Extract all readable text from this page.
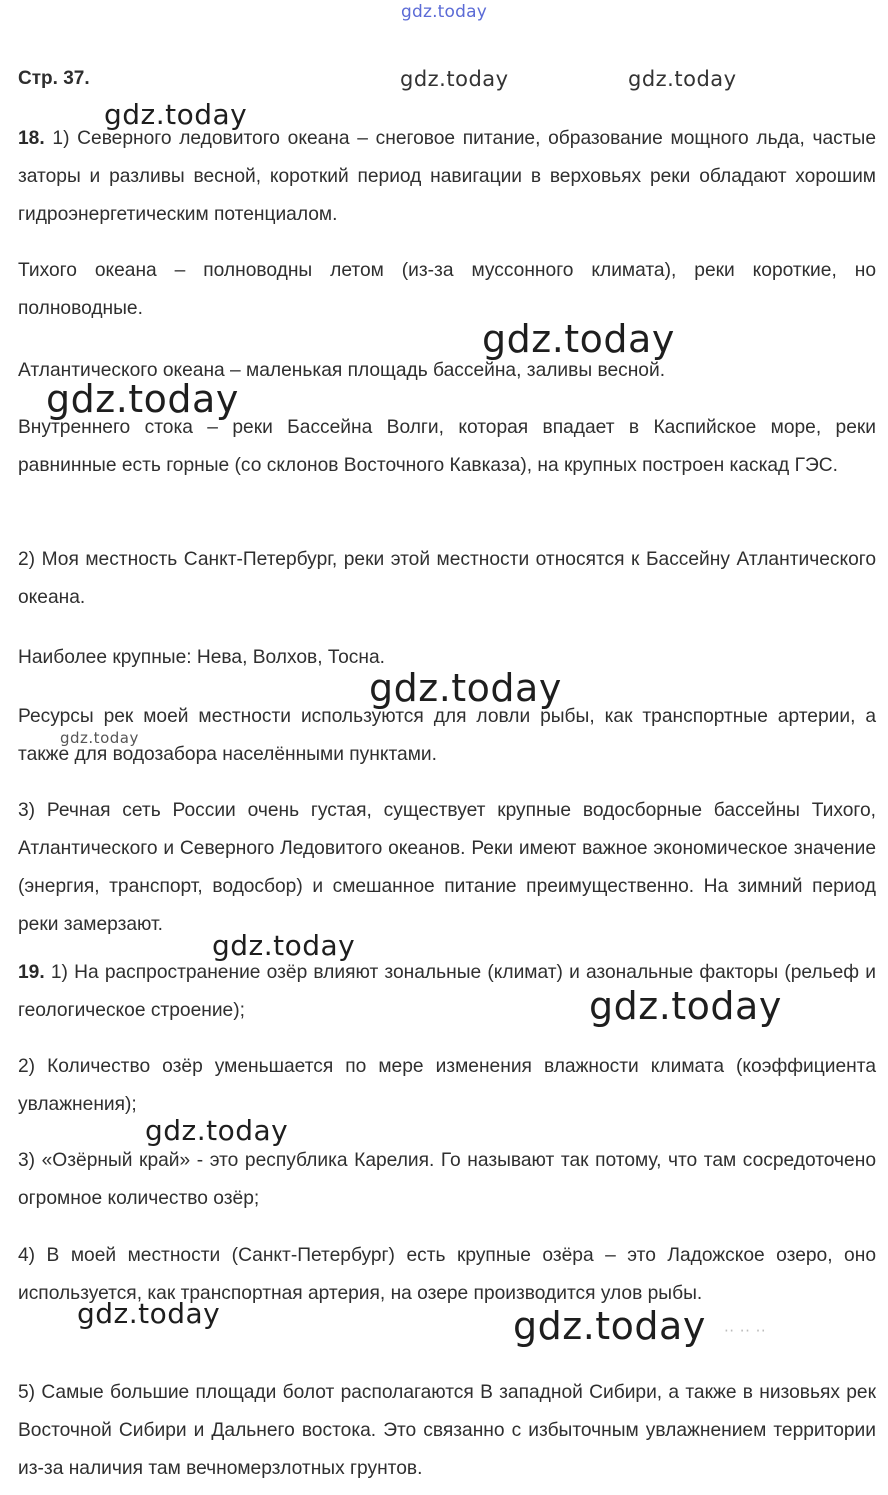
gdz.today
Стр. 37.

18. 1) Северного ледовитого океана – снеговое питание, образование мощного льда, частые заторы и разливы весной, короткий период навигации в верховьях реки обладают хорошим гидроэнергетическим потенциалом.

Тихого океана – полноводны летом (из-за муссонного климата), реки короткие, но полноводные.

Атлантического океана – маленькая площадь бассейна, заливы весной.

Внутреннего стока – реки Бассейна Волги, которая впадает в Каспийское море, реки равнинные есть горные (со склонов Восточного Кавказа), на крупных построен каскад ГЭС.

2) Моя местность Санкт-Петербург, реки этой местности относятся к Бассейну Атлантического океана.

Наиболее крупные: Нева, Волхов, Тосна.

Ресурсы рек моей местности используются для ловли рыбы, как транспортные артерии, а также для водозабора населёнными пунктами.

3) Речная сеть России очень густая, существует крупные водосборные бассейны Тихого, Атлантического и Северного Ледовитого океанов. Реки имеют важное экономическое значение (энергия, транспорт, водосбор) и смешанное питание преимущественно. На зимний период реки замерзают.

19. 1) На распространение озёр влияют зональные (климат) и азональные факторы (рельеф и геологическое строение);

2) Количество озёр уменьшается по мере изменения влажности климата (коэффициента увлажнения);

3) «Озёрный край» - это республика Карелия. Го называют так потому, что там сосредоточено огромное количество озёр;

4) В моей местности (Санкт-Петербург) есть крупные озёра – это Ладожское озеро, оно используется, как транспортная артерия, на озере производится улов рыбы.

5) Самые большие площади болот располагаются В западной Сибири, а также в низовьях рек Восточной Сибири и Дальнего востока. Это связанно с избыточным увлажнением территории из-за наличия там вечномерзлотных грунтов.

gdz.today	gdz.today
gdz.today
gdz.today
gdz.today
gdz.today
gdz.today
gdz.today
gdz.today
gdz.today
gdz.today	gdz.today ·· ·· ··
